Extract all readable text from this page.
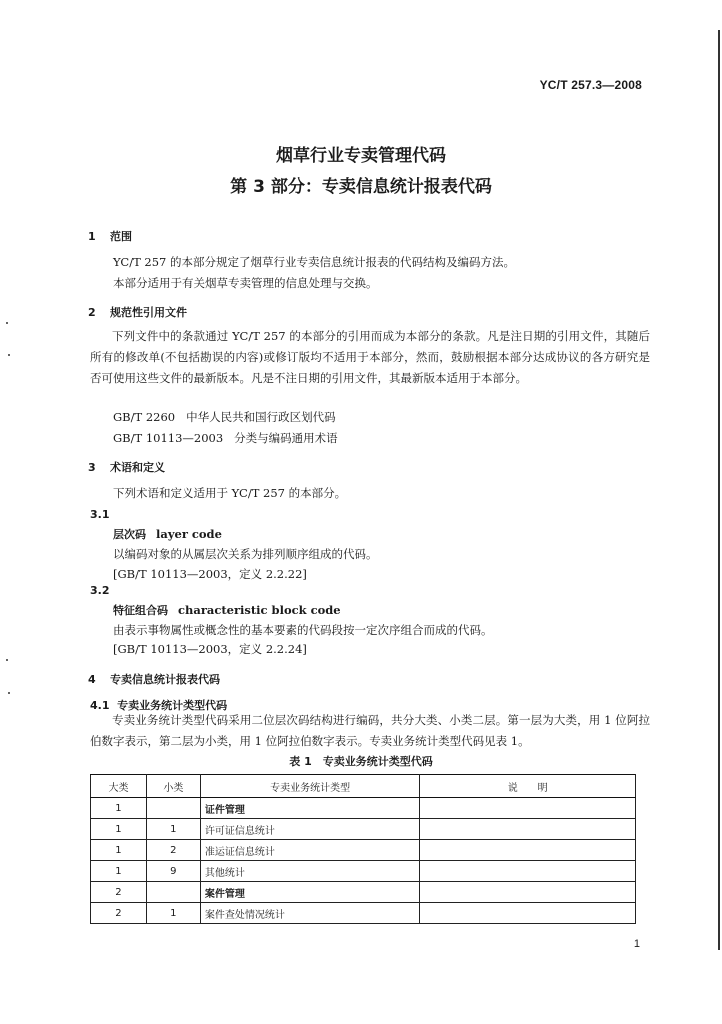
YC/T 257.3—2008
烟草行业专卖管理代码
第 3 部分：专卖信息统计报表代码
1 范围
YC/T 257 的本部分规定了烟草行业专卖信息统计报表的代码结构及编码方法。
本部分适用于有关烟草专卖管理的信息处理与交换。
2 规范性引用文件
下列文件中的条款通过 YC/T 257 的本部分的引用而成为本部分的条款。凡是注日期的引用文件，其随后所有的修改单(不包括勘误的内容)或修订版均不适用于本部分，然而，鼓励根据本部分达成协议的各方研究是否可使用这些文件的最新版本。凡是不注日期的引用文件，其最新版本适用于本部分。
GB/T 2260 中华人民共和国行政区划代码
GB/T 10113—2003 分类与编码通用术语
3 术语和定义
下列术语和定义适用于 YC/T 257 的本部分。
3.1
层次码 layer code
以编码对象的从属层次关系为排列顺序组成的代码。
[GB/T 10113—2003，定义 2.2.22]
3.2
特征组合码 characteristic block code
由表示事物属性或概念性的基本要素的代码段按一定次序组合而成的代码。
[GB/T 10113—2003，定义 2.2.24]
4 专卖信息统计报表代码
4.1 专卖业务统计类型代码
专卖业务统计类型代码采用二位层次码结构进行编码，共分大类、小类二层。第一层为大类，用 1 位阿拉伯数字表示，第二层为小类，用 1 位阿拉伯数字表示。专卖业务统计类型代码见表 1。
表 1　专卖业务统计类型代码
大类	小类	专卖业务统计类型	说　　明
1		证件管理	
1	1	许可证信息统计	
1	2	准运证信息统计	
1	9	其他统计	
2		案件管理	
2	1	案件查处情况统计	
1
